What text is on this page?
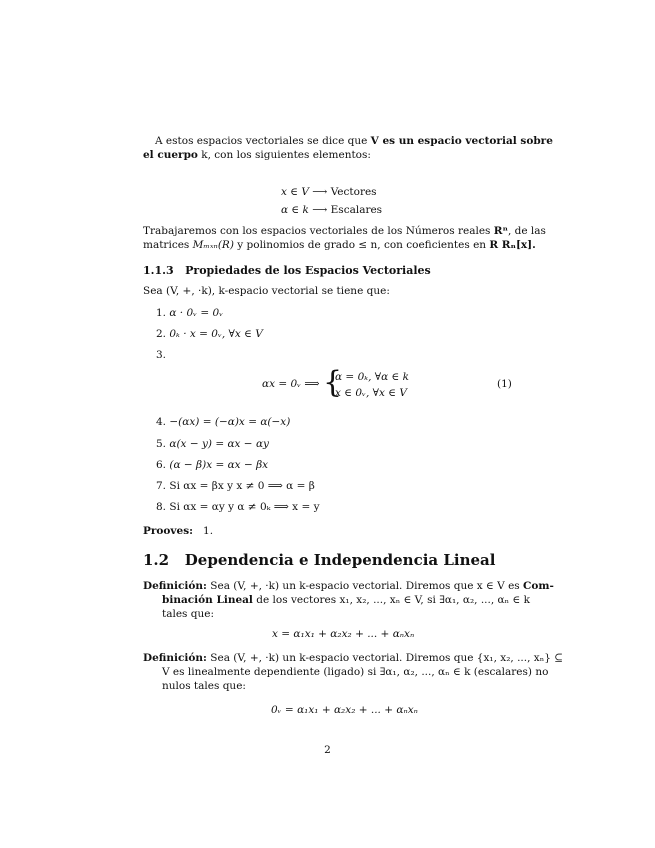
A estos espacios vectoriales se dice que V es un espacio vectorial sobre
el cuerpo k, con los siguientes elementos:
x ∈ V ⟶ Vectores
α ∈ k ⟶ Escalares
Trabajaremos con los espacios vectoriales de los Números reales Rⁿ, de las
matrices Mₘₓₙ(R) y polinomios de grado ≤ n, con coeficientes en R Rₙ[x].
1.1.3 Propiedades de los Espacios Vectoriales
Sea (V, +, ·k), k-espacio vectorial se tiene que:
1. α · 0ᵥ = 0ᵥ
2. 0ₖ · x = 0ᵥ, ∀x ∈ V
3.
αx = 0ᵥ ⟹ {
α = 0ₖ, ∀α ∈ k
x ∈ 0ᵥ, ∀x ∈ V
(1)
4. −(αx) = (−α)x = α(−x)
5. α(x − y) = αx − αy
6. (α − β)x = αx − βx
7. Si αx = βx y x ≠ 0 ⟹ α = β
8. Si αx = αy y α ≠ 0ₖ ⟹ x = y
Prooves: 1.
1.2 Dependencia e Independencia Lineal
Definición: Sea (V, +, ·k) un k-espacio vectorial. Diremos que x ∈ V es Com-
binación Lineal de los vectores x₁, x₂, ..., xₙ ∈ V, si ∃α₁, α₂, ..., αₙ ∈ k
tales que:
x = α₁x₁ + α₂x₂ + ... + αₙxₙ
Definición: Sea (V, +, ·k) un k-espacio vectorial. Diremos que {x₁, x₂, ..., xₙ} ⊆
V es linealmente dependiente (ligado) si ∃α₁, α₂, ..., αₙ ∈ k (escalares) no
nulos tales que:
0ᵥ = α₁x₁ + α₂x₂ + ... + αₙxₙ
2
